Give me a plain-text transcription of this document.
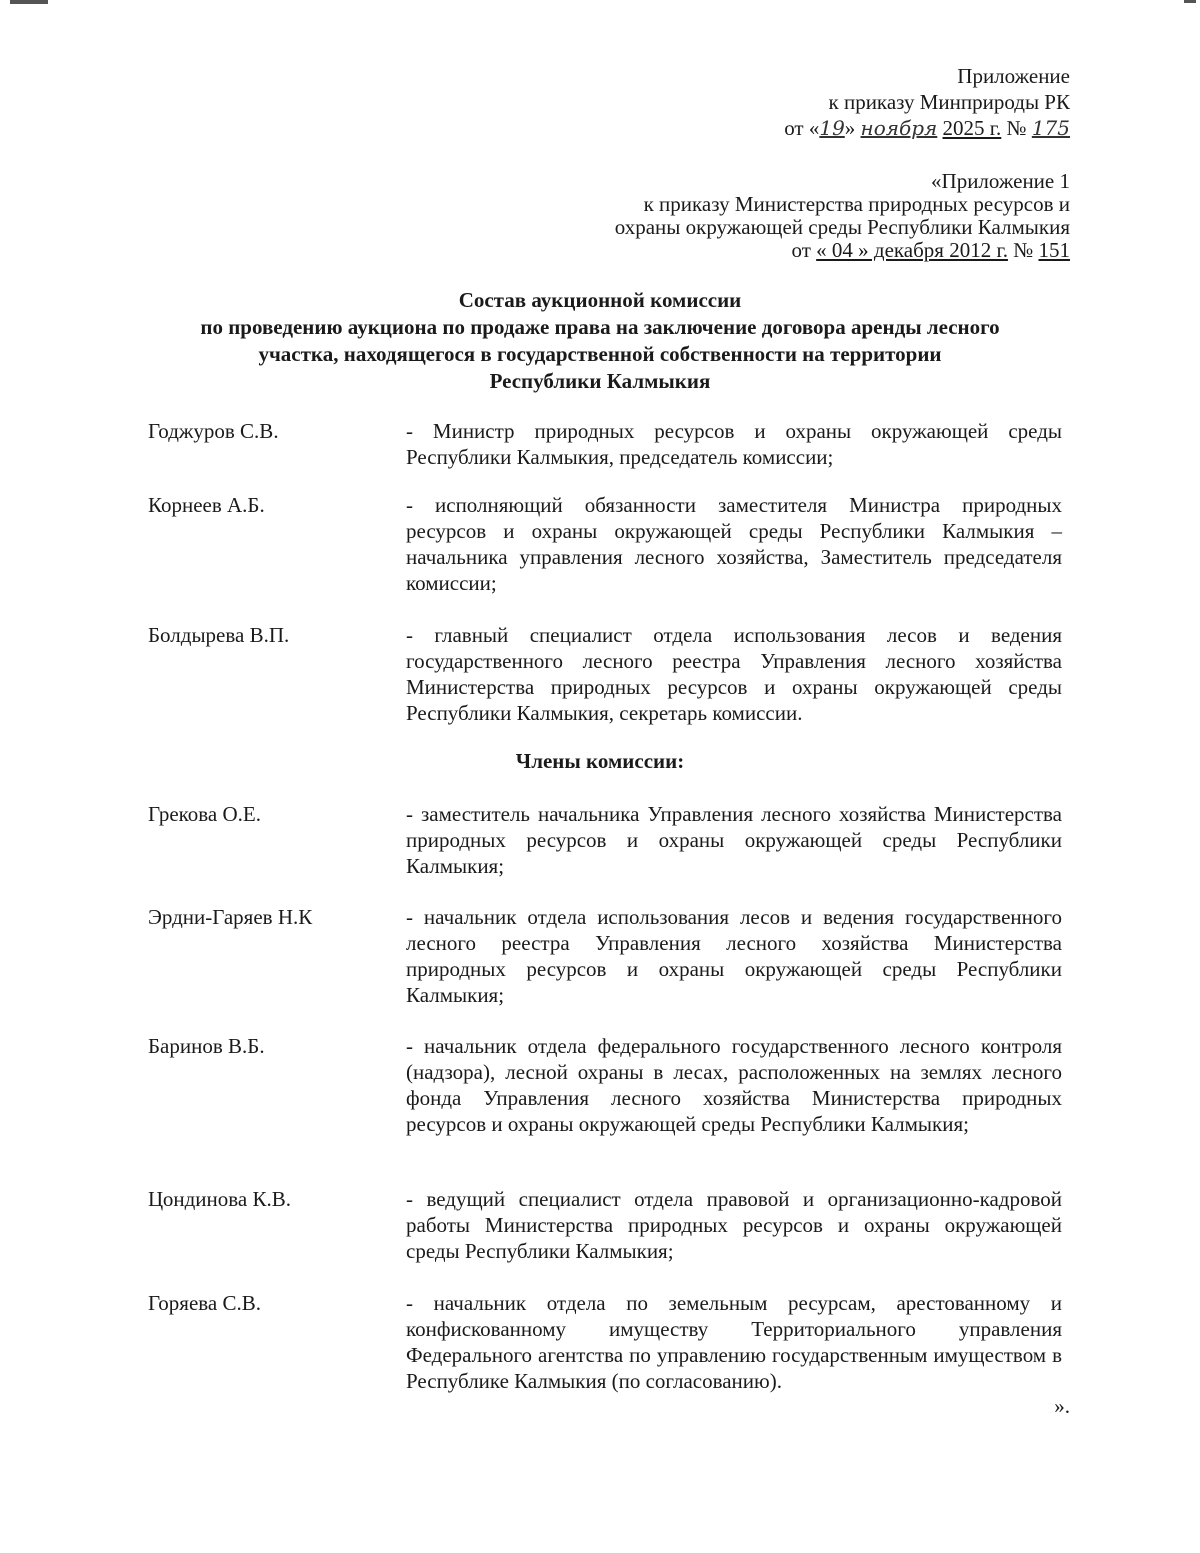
Приложение
к приказу Минприроды РК
от «19» ноября 2025 г. № 175
«Приложение 1
к приказу Министерства природных ресурсов и
охраны окружающей среды Республики Калмыкия
от « 04 » декабря 2012 г. № 151
Состав аукционной комиссии
по проведению аукциона по продаже права на заключение договора аренды лесного
участка, находящегося в государственной собственности на территории
Республики Калмыкия
Годжуров С.В.	- Министр природных ресурсов и охраны окружающей среды Республики Калмыкия, председатель комиссии;
Корнеев А.Б.	- исполняющий обязанности заместителя Министра природных ресурсов и охраны окружающей среды Республики Калмыкия – начальника управления лесного хозяйства, Заместитель председателя комиссии;
Болдырева В.П.	- главный специалист отдела использования лесов и ведения государственного лесного реестра Управления лесного хозяйства Министерства природных ресурсов и охраны окружающей среды Республики Калмыкия, секретарь комиссии.
Члены комиссии:
Грекова О.Е.	- заместитель начальника Управления лесного хозяйства Министерства природных ресурсов и охраны окружающей среды Республики Калмыкия;
Эрдни-Гаряев Н.К	- начальник отдела использования лесов и ведения государственного лесного реестра Управления лесного хозяйства Министерства природных ресурсов и охраны окружающей среды Республики Калмыкия;
Баринов В.Б.	- начальник отдела федерального государственного лесного контроля (надзора), лесной охраны в лесах, расположенных на землях лесного фонда Управления лесного хозяйства Министерства природных ресурсов и охраны окружающей среды Республики Калмыкия;
Цондинова К.В.	- ведущий специалист отдела правовой и организационно-кадровой работы Министерства природных ресурсов и охраны окружающей среды Республики Калмыкия;
Горяева С.В.	- начальник отдела по земельным ресурсам, арестованному и конфискованному имуществу Территориального управления Федерального агентства по управлению государственным имуществом в Республике Калмыкия (по согласованию).
».
